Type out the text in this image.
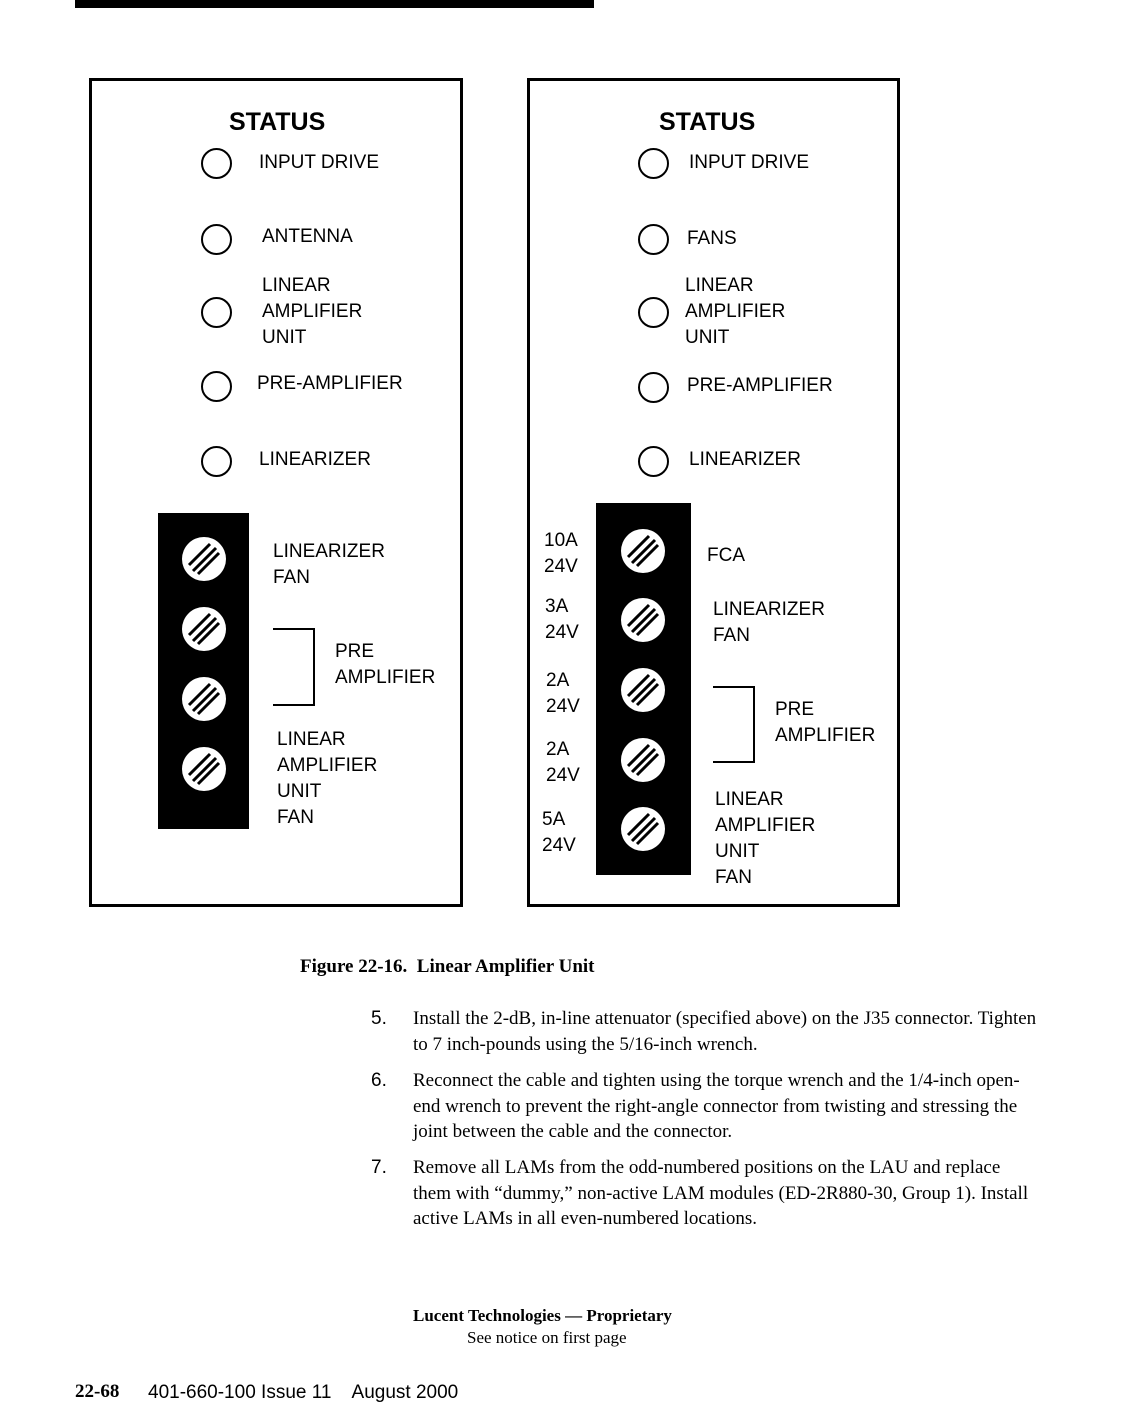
STATUS
INPUT DRIVE
ANTENNA
LINEAR
AMPLIFIER
UNIT
PRE-AMPLIFIER
LINEARIZER
LINEARIZER
FAN
PRE
AMPLIFIER
LINEAR
AMPLIFIER
UNIT
FAN
STATUS
INPUT DRIVE
FANS
LINEAR
AMPLIFIER
UNIT
PRE-AMPLIFIER
LINEARIZER
10A
24V
3A
24V
2A
24V
2A
24V
5A
24V
FCA
LINEARIZER
FAN
PRE
AMPLIFIER
LINEAR
AMPLIFIER
UNIT
FAN
Figure 22-16.  Linear Amplifier Unit
5. Install the 2-dB, in-line attenuator (specified above) on the J35 connector. Tighten to 7 inch-pounds using the 5/16-inch wrench.
6. Reconnect the cable and tighten using the torque wrench and the 1/4-inch open-end wrench to prevent the right-angle connector from twisting and stressing the joint between the cable and the connector.
7. Remove all LAMs from the odd-numbered positions on the LAU and replace them with “dummy,” non-active LAM modules (ED-2R880-30, Group 1). Install active LAMs in all even-numbered locations.
Lucent Technologies — Proprietary
See notice on first page
22-68 401-660-100 Issue 11    August 2000
